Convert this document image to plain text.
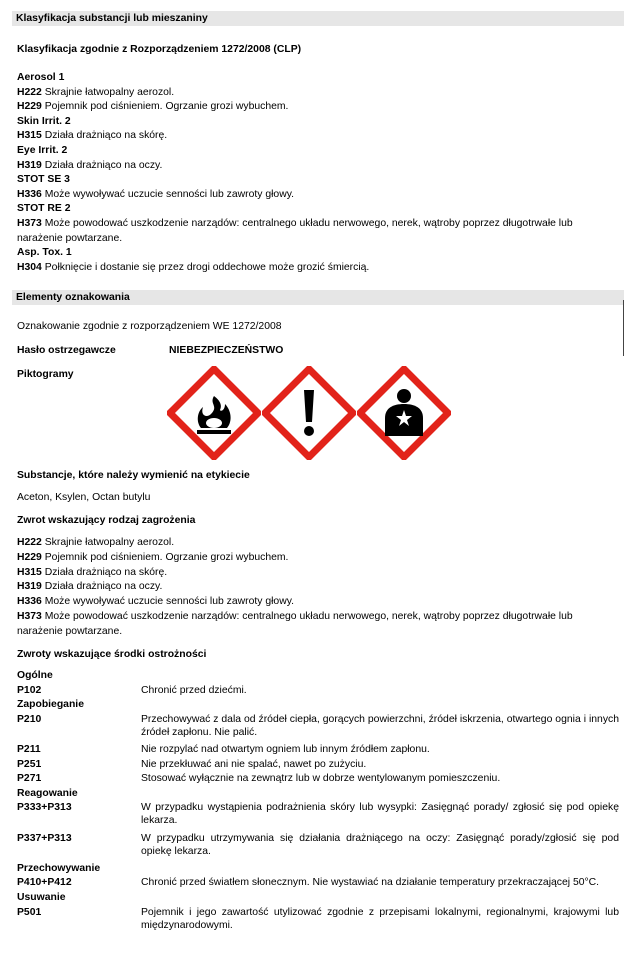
Klasyfikacja substancji lub mieszaniny
Klasyfikacja zgodnie z Rozporządzeniem 1272/2008 (CLP)
Aerosol 1
H222 Skrajnie łatwopalny aerozol.
H229 Pojemnik pod ciśnieniem. Ogrzanie grozi wybuchem.
Skin Irrit. 2
H315 Działa drażniąco na skórę.
Eye Irrit. 2
H319 Działa drażniąco na oczy.
STOT SE 3
H336 Może wywoływać uczucie senności lub zawroty głowy.
STOT RE 2
H373 Może powodować uszkodzenie narządów: centralnego układu nerwowego, nerek, wątroby poprzez długotrwałe lub
narażenie powtarzane.
Asp. Tox. 1
H304 Połknięcie i dostanie się przez drogi oddechowe może grozić śmiercią.
Elementy oznakowania
Oznakowanie zgodnie z rozporządzeniem WE 1272/2008
Hasło ostrzegawcze	NIEBEZPIECZEŃSTWO
Piktogramy
Substancje, które należy wymienić na etykiecie
Aceton, Ksylen, Octan butylu
Zwrot wskazujący rodzaj zagrożenia
H222 Skrajnie łatwopalny aerozol.
H229 Pojemnik pod ciśnieniem. Ogrzanie grozi wybuchem.
H315 Działa drażniąco na skórę.
H319 Działa drażniąco na oczy.
H336 Może wywoływać uczucie senności lub zawroty głowy.
H373 Może powodować uszkodzenie narządów: centralnego układu nerwowego, nerek, wątroby poprzez długotrwałe lub
narażenie powtarzane.
Zwroty wskazujące środki ostrożności
Ogólne
P102	Chronić przed dziećmi.
Zapobieganie
P210	Przechowywać z dala od źródeł ciepła, gorących powierzchni, źródeł iskrzenia, otwartego ognia i innych źródeł zapłonu. Nie palić.
P211	Nie rozpylać nad otwartym ogniem lub innym źródłem zapłonu.
P251	Nie przekłuwać ani nie spalać, nawet po zużyciu.
P271	Stosować wyłącznie na zewnątrz lub w dobrze wentylowanym pomieszczeniu.
Reagowanie
P333+P313	W przypadku wystąpienia podrażnienia skóry lub wysypki: Zasięgnąć porady/ zgłosić się pod opiekę lekarza.
P337+P313	W przypadku utrzymywania się działania drażniącego na oczy: Zasięgnąć porady/zgłosić się pod opiekę lekarza.
Przechowywanie
P410+P412	Chronić przed światłem słonecznym. Nie wystawiać na działanie temperatury przekraczającej 50°C.
Usuwanie
P501	Pojemnik i jego zawartość utylizować zgodnie z przepisami lokalnymi, regionalnymi, krajowymi lub międzynarodowymi.
